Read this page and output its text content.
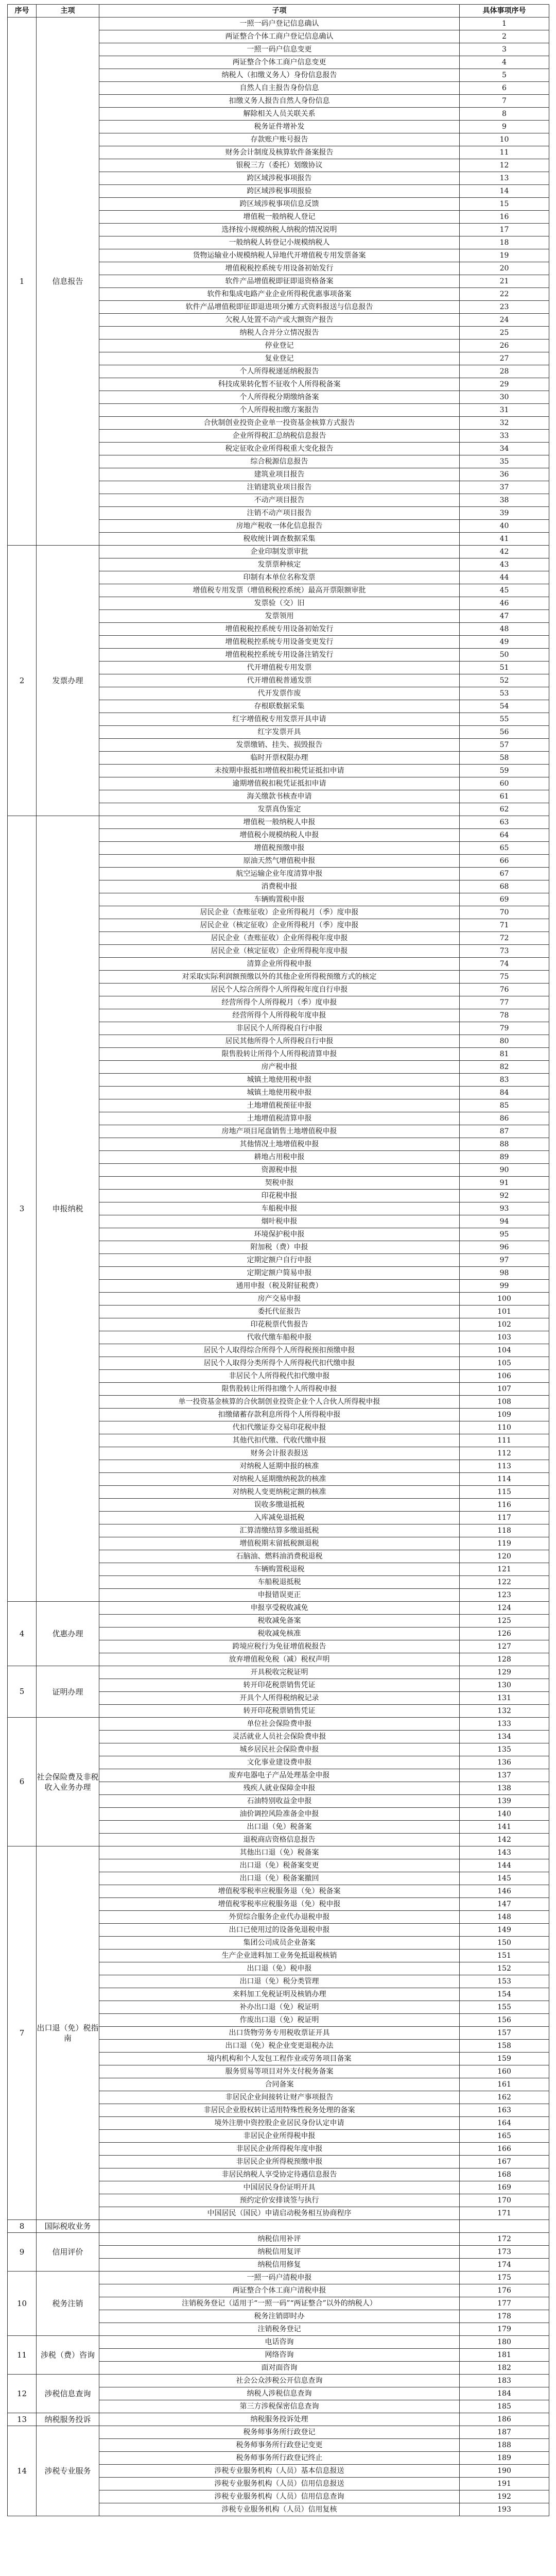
序号	主项	子项	具体事项序号
1	信息报告	一照一码户登记信息确认	1
		两证整合个体工商户登记信息确认	2
		一照一码户信息变更	3
		两证整合个体工商户信息变更	4
		纳税人（扣缴义务人）身份信息报告	5
		自然人自主报告身份信息	6
		扣缴义务人报告自然人身份信息	7
		解除相关人员关联关系	8
		税务证件增补发	9
		存款账户账号报告	10
		财务会计制度及核算软件备案报告	11
		银税三方（委托）划缴协议	12
		跨区域涉税事项报告	13
		跨区域涉税事项报验	14
		跨区域涉税事项信息反馈	15
		增值税一般纳税人登记	16
		选择按小规模纳税人纳税的情况说明	17
		一般纳税人转登记小规模纳税人	18
		货物运输业小规模纳税人异地代开增值税专用发票备案	19
		增值税税控系统专用设备初始发行	20
		软件产品增值税即征即退资格备案	21
		软件和集成电路产业企业所得税优惠事项备案	22
		软件产品增值税即征即退进项分摊方式资料报送与信息报告	23
		欠税人处置不动产或大额资产报告	24
		纳税人合并分立情况报告	25
		停业登记	26
		复业登记	27
		个人所得税递延纳税报告	28
		科技成果转化暂不征收个人所得税备案	29
		个人所得税分期缴纳备案	30
		个人所得税扣缴方案报告	31
		合伙制创业投资企业单一投资基金核算方式报告	32
		企业所得税汇总纳税信息报告	33
		税定征收企业所得税重大变化报告	34
		综合税源信息报告	35
		建筑业项目报告	36
		注销建筑业项目报告	37
		不动产项目报告	38
		注销不动产项目报告	39
		房地产税收一体化信息报告	40
		税收统计调查数据采集	41
2	发票办理	企业印制发票审批	42
		发票票种核定	43
		印制有本单位名称发票	44
		增值税专用发票（增值税税控系统）最高开票限额审批	45
		发票验（交）旧	46
		发票领用	47
		增值税税控系统专用设备初始发行	48
		增值税税控系统专用设备变更发行	49
		增值税税控系统专用设备注销发行	50
		代开增值税专用发票	51
		代开增值税普通发票	52
		代开发票作废	53
		存根联数据采集	54
		红字增值税专用发票开具申请	55
		红字发票开具	56
		发票缴销、挂失、损毁报告	57
		临时开票权限办理	58
		未按期申报抵扣增值税扣税凭证抵扣申请	59
		逾期增值税扣税凭证抵扣申请	60
		海关缴款书核查申请	61
		发票真伪鉴定	62
3	申报纳税	增值税一般纳税人申报	63
		增值税小规模纳税人申报	64
		增值税预缴申报	65
		原油天然气增值税申报	66
		航空运输企业年度清算申报	67
		消费税申报	68
		车辆购置税申报	69
		居民企业（查账征收）企业所得税月（季）度申报	70
		居民企业（核定征收）企业所得税月（季）度申报	71
		居民企业（查账征收）企业所得税年度申报	72
		居民企业（核定征收）企业所得税年度申报	73
		清算企业所得税申报	74
		对采取实际利润额预缴以外的其他企业所得税预缴方式的核定	75
		居民个人综合所得个人所得税年度自行申报	76
		经营所得个人所得税月（季）度申报	77
		经营所得个人所得税年度申报	78
		非居民个人所得税自行申报	79
		居民其他所得个人所得税自行申报	80
		限售股转让所得个人所得税清算申报	81
		房产税申报	82
		城镇土地使用税申报	83
		城镇土地使用税申报	84
		土地增值税预征申报	85
		土地增值税清算申报	86
		房地产项目尾盘销售土地增值税申报	87
		其他情况土地增值税申报	88
		耕地占用税申报	89
		资源税申报	90
		契税申报	91
		印花税申报	92
		车船税申报	93
		烟叶税申报	94
		环境保护税申报	95
		附加税（费）申报	96
		定期定额户自行申报	97
		定期定额户简易申报	98
		通用申报（税及附征税费）	99
		房产交易申报	100
		委托代征报告	101
		印花税票代售报告	102
		代收代缴车船税申报	103
		居民个人取得综合所得个人所得税预扣预缴申报	104
		居民个人取得分类所得个人所得税代扣代缴申报	105
		非居民个人所得税代扣代缴申报	106
		限售股转让所得扣缴个人所得税申报	107
		单一投资基金核算的合伙制创业投资企业个人合伙人所得税申报	108
		扣缴储蓄存款利息所得个人所得税申报	109
		代扣代缴证券交易印花税申报	110
		其他代扣代缴、代收代缴申报	111
		财务会计报表报送	112
		对纳税人延期申报的核准	113
		对纳税人延期缴纳税款的核准	114
		对纳税人变更纳税定额的核准	115
		误收多缴退抵税	116
		入库减免退抵税	117
		汇算清缴结算多缴退抵税	118
		增值税期末留抵税额退税	119
		石脑油、燃料油消费税退税	120
		车辆购置税退税	121
		车船税退抵税	122
		申报错误更正	123
4	优惠办理	申报享受税收减免	124
		税收减免备案	125
		税收减免核准	126
		跨境应税行为免征增值税报告	127
		放弃增值税免税（减）税权声明	128
5	证明办理	开具税收完税证明	129
		转开印花税票销售凭证	130
		开具个人所得税纳税记录	131
		转开印花税票销售凭证	132
6	社会保险费及非税收入业务办理	单位社会保险费申报	133
		灵活就业人员社会保险费申报	134
		城乡居民社会保险费申报	135
		文化事业建设费申报	136
		废弃电器电子产品处理基金申报	137
		残疾人就业保障金申报	138
		石油特别收益金申报	139
		油价调控风险准备金申报	140
		出口退（免）税备案	141
		退税商店资格信息报告	142
7	出口退（免）税指南	其他出口退（免）税备案	143
		出口退（免）税备案变更	144
		出口退（免）税备案撤回	145
		增值税零税率应税服务退（免）税备案	146
		增值税零税率应税服务退（免）税申报	147
		外贸综合服务企业代办退税申报	148
		出口已使用过的设备免退税申报	149
		集团公司成员企业备案	150
		生产企业进料加工业务免抵退税核销	151
		出口退（免）税申报	152
		出口退（免）税分类管理	153
		来料加工免税证明及核销办理	154
		补办出口退（免）税证明	155
		作废出口退（免）税证明	156
		出口货物劳务专用税收票证开具	157
		出口退（免）税企业变更退税办法	158
		境内机构和个人发包工程作业或劳务项目备案	159
		服务贸易等项目对外支付税务备案	160
		合同备案	161
		非居民企业间接转让财产事项报告	162
		非居民企业股权转让适用特殊性税务处理的备案	163
		境外注册中资控股企业居民身份认定申请	164
		非居民企业所得税申报	165
		非居民企业所得税年度申报	166
		非居民企业所得税预缴申报	167
		非居民纳税人享受协定待遇信息报告	168
		中国居民身份证明开具	169
		预约定价安排谈签与执行	170
		中国居民（国民）申请启动税务相互协商程序	171
8	国际税收业务		
9	信用评价	纳税信用补评	172
		纳税信用复评	173
		纳税信用修复	174
10	税务注销	一照一码户清税申报	175
		两证整合个体工商户清税申报	176
		注销税务登记（适用于“一照一码”“两证整合”以外的纳税人）	177
		税务注销即时办	178
		注销税务登记	179
11	涉税（费）咨询	电话咨询	180
		网络咨询	181
		面对面咨询	182
12	涉税信息查询	社会公众涉税公开信息查询	183
		纳税人涉税信息查询	184
		第三方涉税保密信息查询	185
13	纳税服务投诉	纳税服务投诉处理	186
14	涉税专业服务	税务师事务所行政登记	187
		税务师事务所行政登记变更	188
		税务师事务所行政登记终止	189
		涉税专业服务机构（人员）基本信息报送	190
		涉税专业服务机构（人员）信用信息报送	191
		涉税专业服务机构（人员）信用信息查询	192
		涉税专业服务机构（人员）信用复核	193
